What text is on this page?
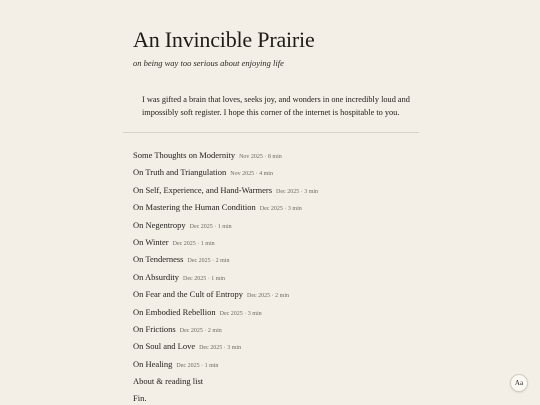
An Invincible Prairie

on being way too serious about enjoying life

I was gifted a brain that loves, seeks joy, and wonders in one incredibly loud and impossibly soft register. I hope this corner of the internet is hospitable to you.

Some Thoughts on Modernity Nov 2025 · 8 min
On Truth and Triangulation Nov 2025 · 4 min
On Self, Experience, and Hand-Warmers Dec 2025 · 3 min
On Mastering the Human Condition Dec 2025 · 3 min
On Negentropy Dec 2025 · 1 min
On Winter Dec 2025 · 1 min
On Tenderness Dec 2025 · 2 min
On Absurdity Dec 2025 · 1 min
On Fear and the Cult of Entropy Dec 2025 · 2 min
On Embodied Rebellion Dec 2025 · 3 min
On Frictions Dec 2025 · 2 min
On Soul and Love Dec 2025 · 3 min
On Healing Dec 2025 · 1 min
About & reading list
Fin.
Aa
